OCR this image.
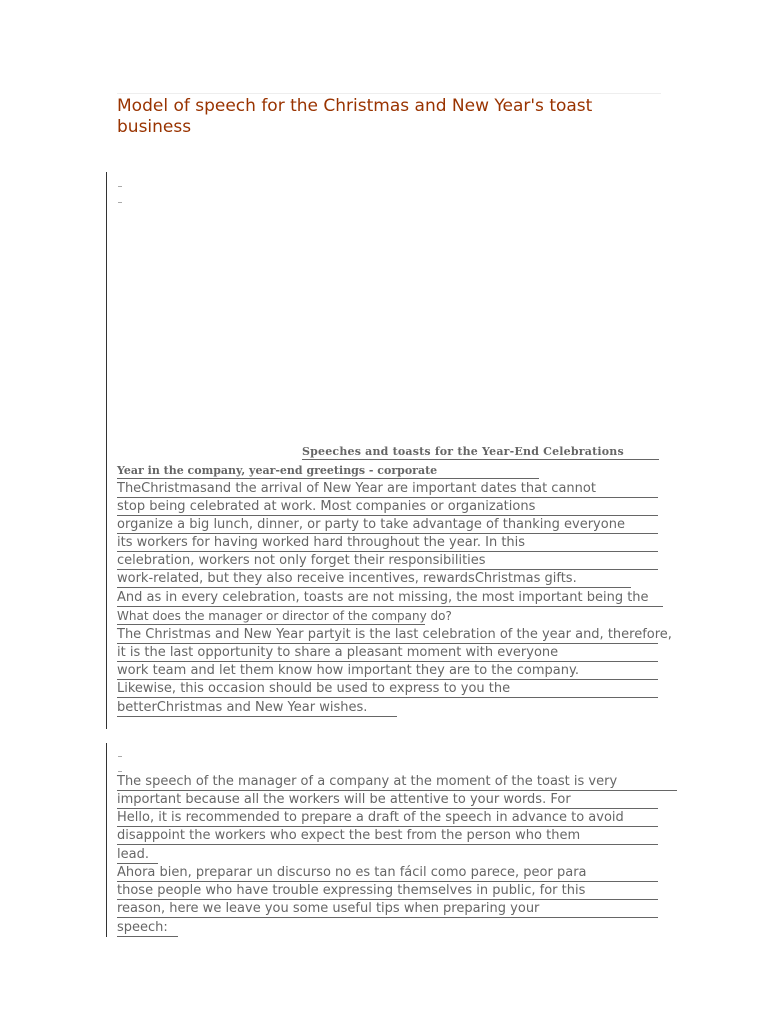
Model of speech for the Christmas and New Year's toast business
Speeches and toasts for the Year-End Celebrations
Year in the company, year-end greetings - corporate
TheChristmasand the arrival of New Year are important dates that cannot
stop being celebrated at work. Most companies or organizations
organize a big lunch, dinner, or party to take advantage of thanking everyone
its workers for having worked hard throughout the year. In this
celebration, workers not only forget their responsibilities
work-related, but they also receive incentives, rewardsChristmas gifts.
And as in every celebration, toasts are not missing, the most important being the
What does the manager or director of the company do?
The Christmas and New Year partyit is the last celebration of the year and, therefore,
it is the last opportunity to share a pleasant moment with everyone
work team and let them know how important they are to the company.
Likewise, this occasion should be used to express to you the
betterChristmas and New Year wishes.
The speech of the manager of a company at the moment of the toast is very
important because all the workers will be attentive to your words. For
Hello, it is recommended to prepare a draft of the speech in advance to avoid
disappoint the workers who expect the best from the person who them
lead.
Ahora bien, preparar un discurso no es tan fácil como parece, peor para
those people who have trouble expressing themselves in public, for this
reason, here we leave you some useful tips when preparing your
speech:
